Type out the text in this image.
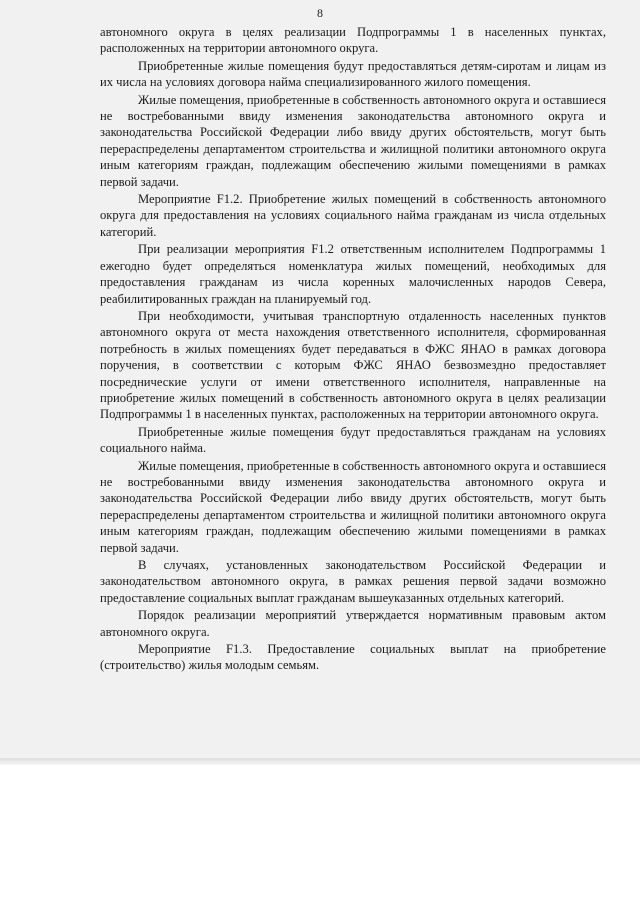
8

автономного округа в целях реализации Подпрограммы 1 в населенных пунктах, расположенных на территории автономного округа.

Приобретенные жилые помещения будут предоставляться детям-сиротам и лицам из их числа на условиях договора найма специализированного жилого помещения.

Жилые помещения, приобретенные в собственность автономного округа и оставшиеся не востребованными ввиду изменения законодательства автономного округа и законодательства Российской Федерации либо ввиду других обстоятельств, могут быть перераспределены департаментом строительства и жилищной политики автономного округа иным категориям граждан, подлежащим обеспечению жилыми помещениями в рамках первой задачи.

Мероприятие F1.2. Приобретение жилых помещений в собственность автономного округа для предоставления на условиях социального найма гражданам из числа отдельных категорий.

При реализации мероприятия F1.2 ответственным исполнителем Подпрограммы 1 ежегодно будет определяться номенклатура жилых помещений, необходимых для предоставления гражданам из числа коренных малочисленных народов Севера, реабилитированных граждан на планируемый год.

При необходимости, учитывая транспортную отдаленность населенных пунктов автономного округа от места нахождения ответственного исполнителя, сформированная потребность в жилых помещениях будет передаваться в ФЖС ЯНАО в рамках договора поручения, в соответствии с которым ФЖС ЯНАО безвозмездно предоставляет посреднические услуги от имени ответственного исполнителя, направленные на приобретение жилых помещений в собственность автономного округа в целях реализации Подпрограммы 1 в населенных пунктах, расположенных на территории автономного округа.

Приобретенные жилые помещения будут предоставляться гражданам на условиях социального найма.

Жилые помещения, приобретенные в собственность автономного округа и оставшиеся не востребованными ввиду изменения законодательства автономного округа и законодательства Российской Федерации либо ввиду других обстоятельств, могут быть перераспределены департаментом строительства и жилищной политики автономного округа иным категориям граждан, подлежащим обеспечению жилыми помещениями в рамках первой задачи.

В случаях, установленных законодательством Российской Федерации и законодательством автономного округа, в рамках решения первой задачи возможно предоставление социальных выплат гражданам вышеуказанных отдельных категорий.

Порядок реализации мероприятий утверждается нормативным правовым актом автономного округа.

Мероприятие F1.3. Предоставление социальных выплат на приобретение (строительство) жилья молодым семьям.
